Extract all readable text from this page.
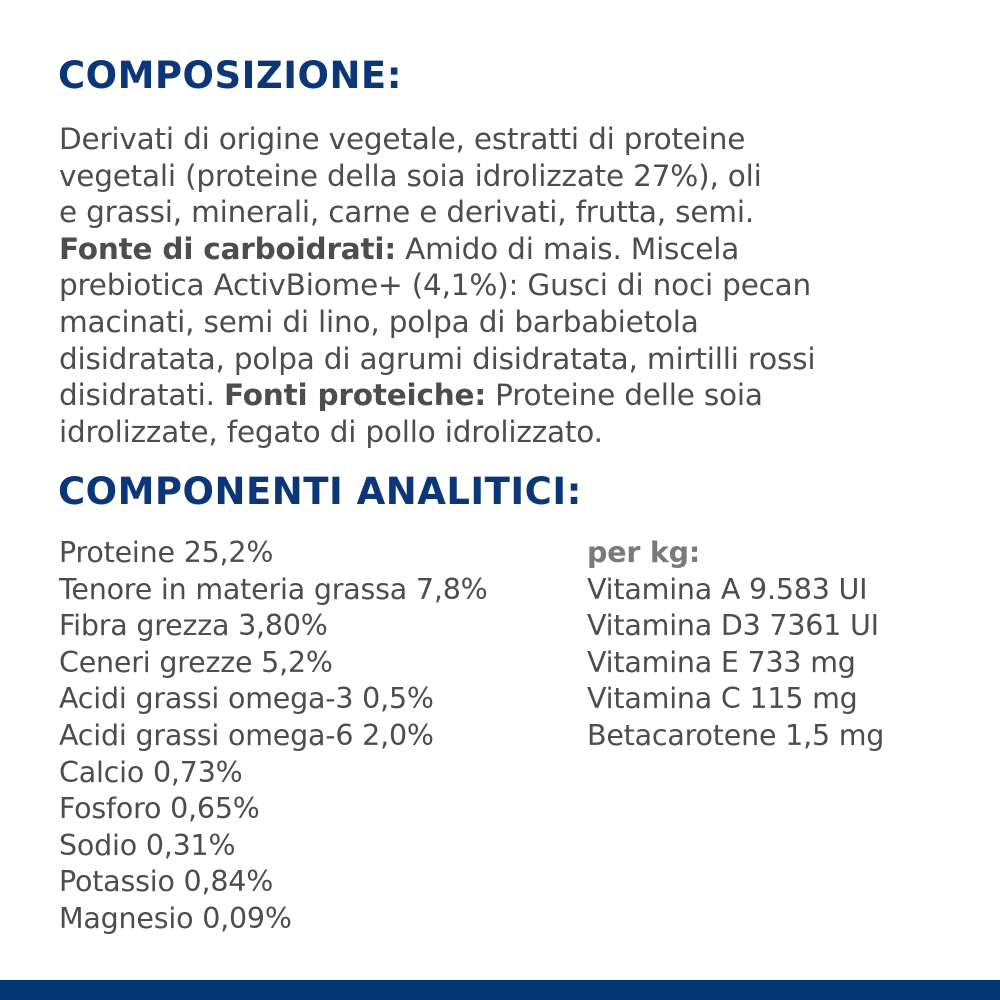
COMPOSIZIONE:
Derivati di origine vegetale, estratti di proteine
vegetali (proteine della soia idrolizzate 27%), oli
e grassi, minerali, carne e derivati, frutta, semi.
Fonte di carboidrati: Amido di mais. Miscela
prebiotica ActivBiome+ (4,1%): Gusci di noci pecan
macinati, semi di lino, polpa di barbabietola
disidratata, polpa di agrumi disidratata, mirtilli rossi
disidratati. Fonti proteiche: Proteine delle soia
idrolizzate, fegato di pollo idrolizzato.
COMPONENTI ANALITICI:
Proteine 25,2%
Tenore in materia grassa 7,8%
Fibra grezza 3,80%
Ceneri grezze 5,2%
Acidi grassi omega-3 0,5%
Acidi grassi omega-6 2,0%
Calcio 0,73%
Fosforo 0,65%
Sodio 0,31%
Potassio 0,84%
Magnesio 0,09%
per kg:
Vitamina A 9.583 UI
Vitamina D3 7361 UI
Vitamina E 733 mg
Vitamina C 115 mg
Betacarotene 1,5 mg
